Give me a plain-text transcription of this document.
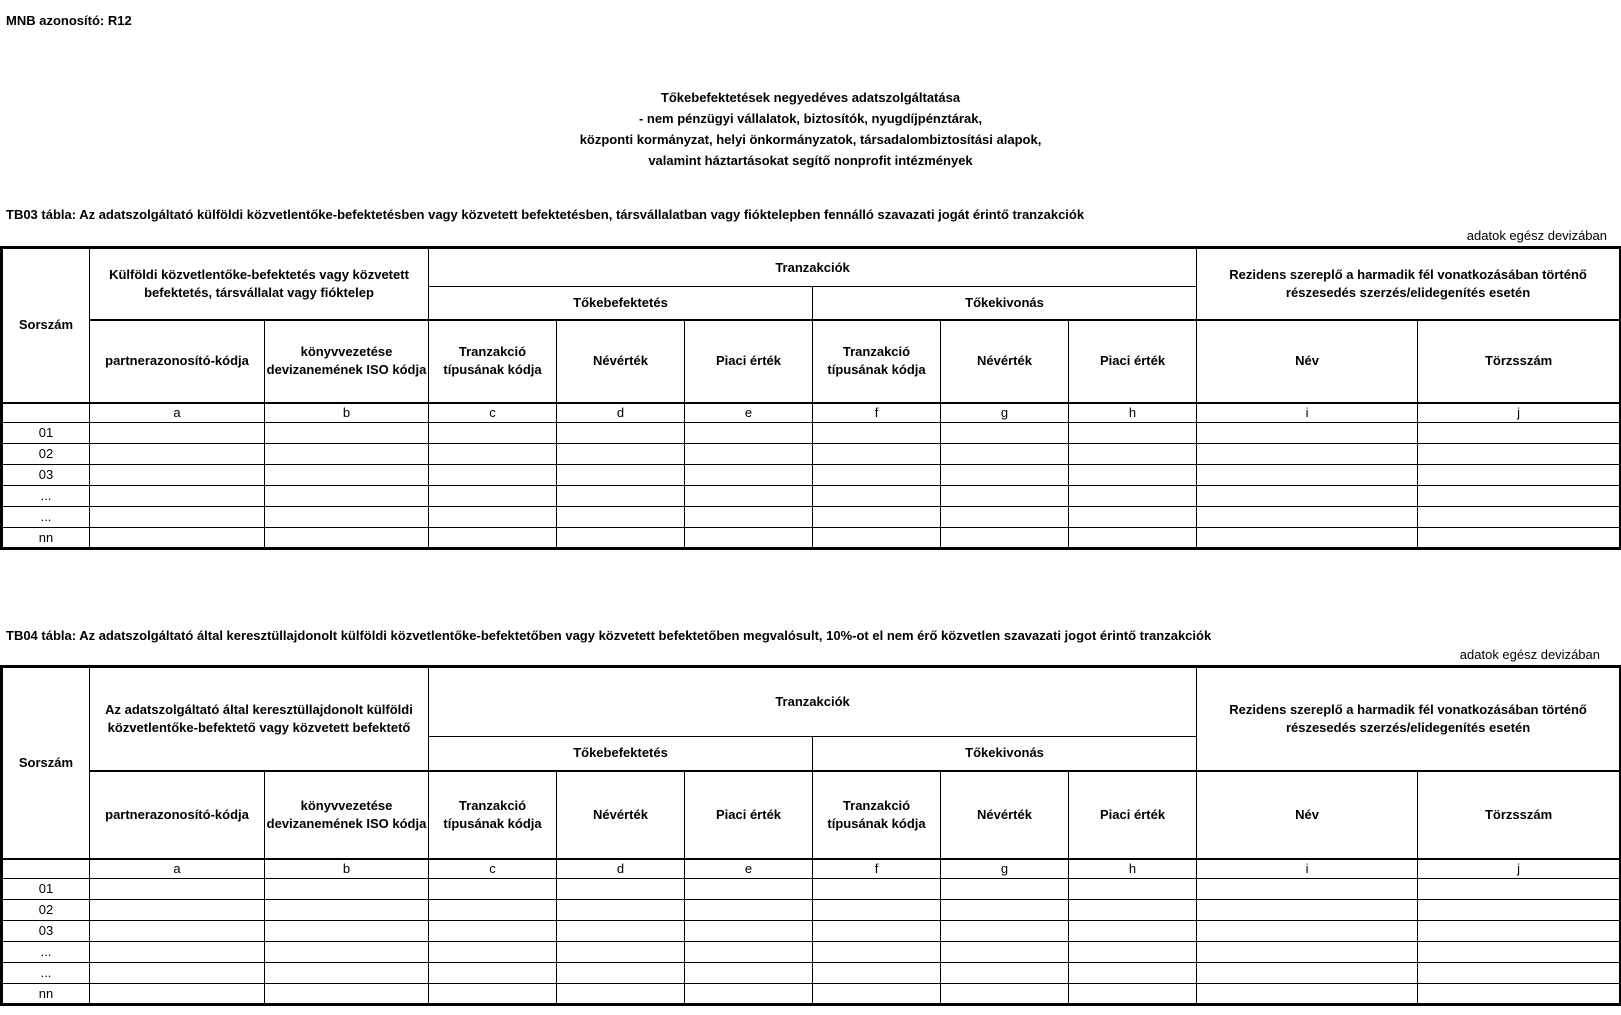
MNB azonosító: R12
Tőkebefektetések negyedéves adatszolgáltatása
- nem pénzügyi vállalatok, biztosítók, nyugdíjpénztárak,
központi kormányzat, helyi önkormányzatok, társadalombiztosítási alapok,
valamint háztartásokat segítő nonprofit intézmények
TB03 tábla: Az adatszolgáltató külföldi közvetlentőke-befektetésben vagy közvetett befektetésben, társvállalatban vagy fióktelepben fennálló szavazati jogát érintő tranzakciók
adatok egész devizában
Sorszám	Külföldi közvetlentőke-befektetés vagy közvetett befektetés, társvállalat vagy fióktelep		Tranzakciók						Rezidens szereplő a harmadik fél vonatkozásában történő részesedés szerzés/elidegenítés esetén	
			Tőkebefektetés			Tőkekivonás				
	partnerazonosító-kódja	könyvvezetése devizanemének ISO kódja	Tranzakció típusának kódja	Névérték	Piaci érték	Tranzakció típusának kódja	Névérték	Piaci érték	Név	Törzsszám
	a	b	c	d	e	f	g	h	i	j
01										
02										
03										
...										
...										
nn										
TB04 tábla: Az adatszolgáltató által keresztüllajdonolt külföldi közvetlentőke-befektetőben vagy közvetett befektetőben megvalósult, 10%-ot el nem érő közvetlen szavazati jogot érintő tranzakciók
adatok egész devizában
Sorszám	Az adatszolgáltató által keresztüllajdonolt külföldi közvetlentőke-befektető vagy közvetett befektető		Tranzakciók						Rezidens szereplő a harmadik fél vonatkozásában történő részesedés szerzés/elidegenítés esetén	
			Tőkebefektetés			Tőkekivonás				
	partnerazonosító-kódja	könyvvezetése devizanemének ISO kódja	Tranzakció típusának kódja	Névérték	Piaci érték	Tranzakció típusának kódja	Névérték	Piaci érték	Név	Törzsszám
	a	b	c	d	e	f	g	h	i	j
01										
02										
03										
...										
...										
nn										
